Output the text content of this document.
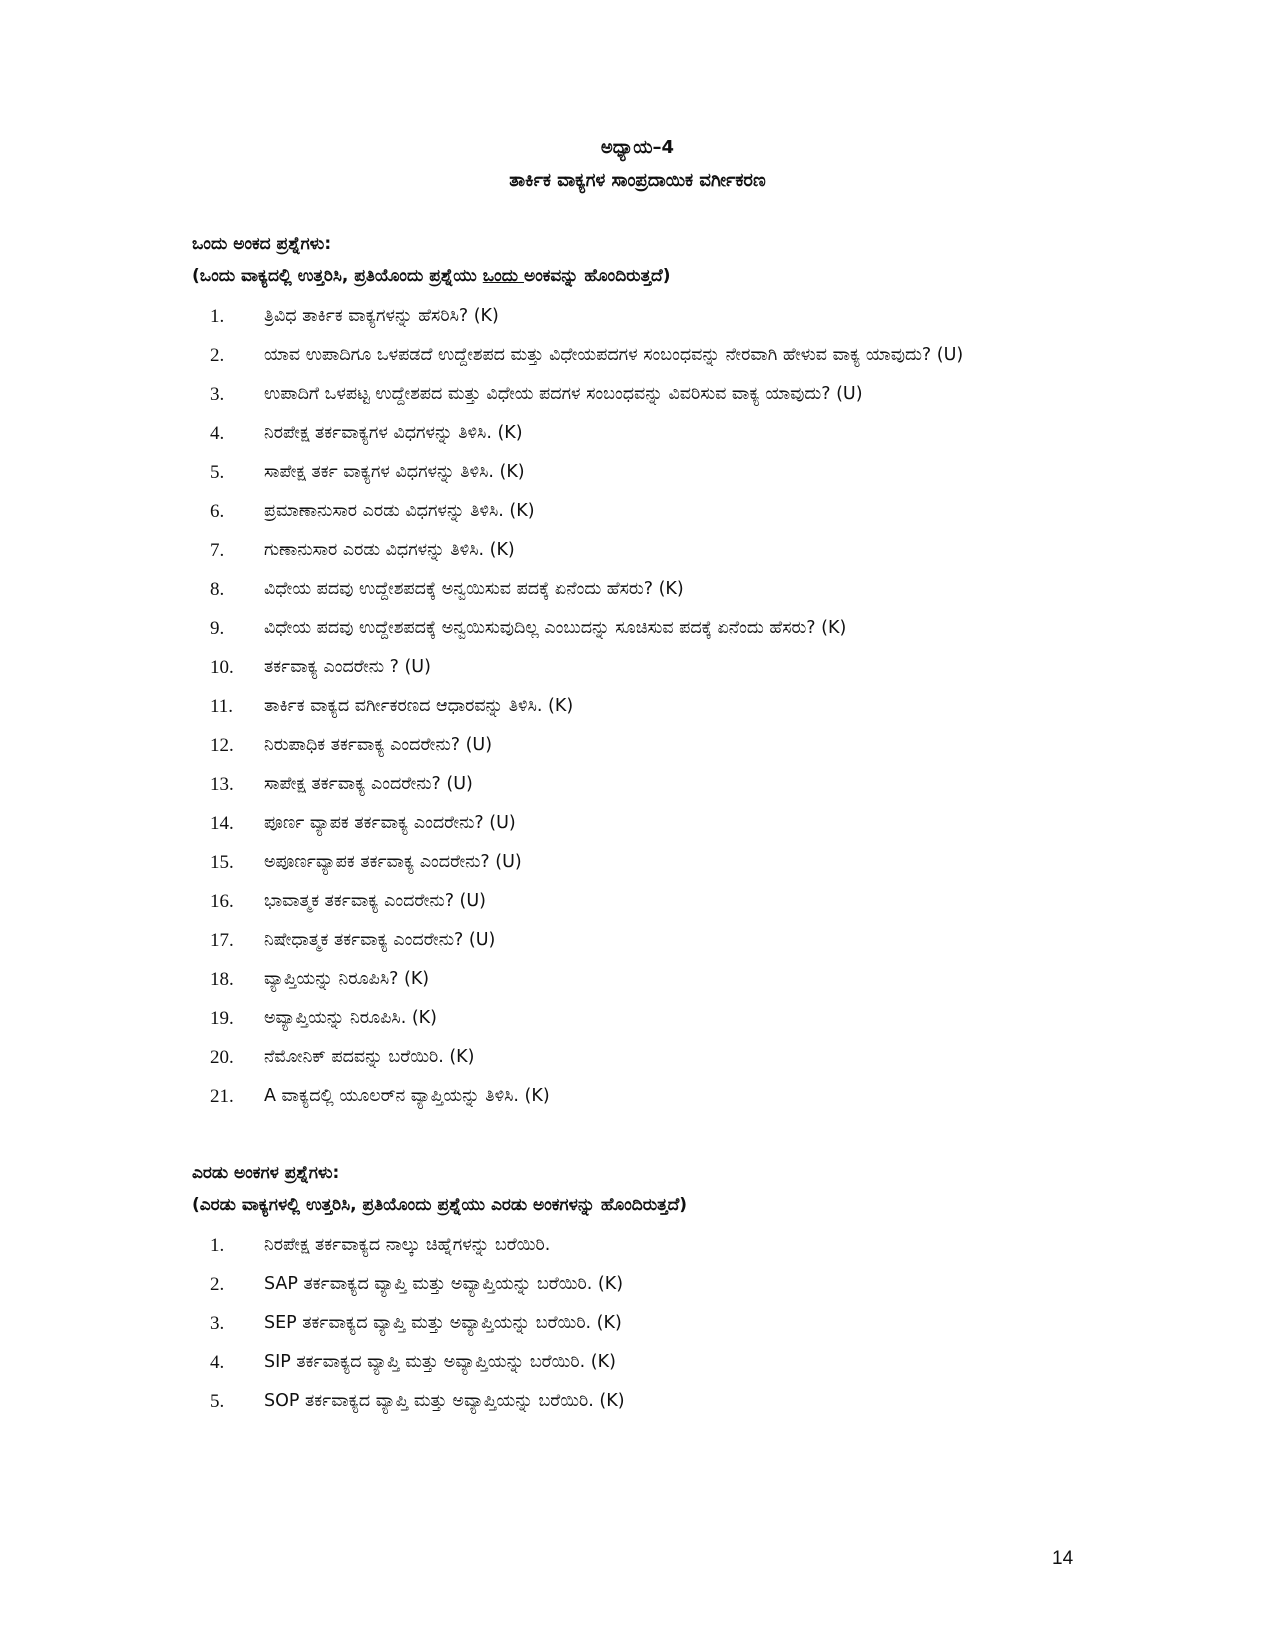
ಅಧ್ಯಾಯ–4
ತಾರ್ಕಿಕ ವಾಕ್ಯಗಳ ಸಾಂಪ್ರದಾಯಿಕ ವರ್ಗೀಕರಣ

ಒಂದು ಅಂಕದ ಪ್ರಶ್ನೆಗಳು:

(ಒಂದು ವಾಕ್ಯದಲ್ಲಿ ಉತ್ತರಿಸಿ, ಪ್ರತಿಯೊಂದು ಪ್ರಶ್ನೆಯು ಒಂದು ಅಂಕವನ್ನು ಹೊಂದಿರುತ್ತದೆ)

1.	ತ್ರಿವಿಧ ತಾರ್ಕಿಕ ವಾಕ್ಯಗಳನ್ನು ಹೆಸರಿಸಿ? (K)
2.	ಯಾವ ಉಪಾದಿಗೂ ಒಳಪಡದೆ ಉದ್ದೇಶಪದ ಮತ್ತು ವಿಧೇಯಪದಗಳ ಸಂಬಂಧವನ್ನು ನೇರವಾಗಿ ಹೇಳುವ ವಾಕ್ಯ ಯಾವುದು? (U)
3.	ಉಪಾದಿಗೆ ಒಳಪಟ್ಟ ಉದ್ದೇಶಪದ ಮತ್ತು ವಿಧೇಯ ಪದಗಳ ಸಂಬಂಧವನ್ನು ವಿವರಿಸುವ ವಾಕ್ಯ ಯಾವುದು? (U)
4.	ನಿರಪೇಕ್ಷ ತರ್ಕವಾಕ್ಯಗಳ ವಿಧಗಳನ್ನು ತಿಳಿಸಿ. (K)
5.	ಸಾಪೇಕ್ಷ ತರ್ಕ ವಾಕ್ಯಗಳ ವಿಧಗಳನ್ನು ತಿಳಿಸಿ. (K)
6.	ಪ್ರಮಾಣಾನುಸಾರ ಎರಡು ವಿಧಗಳನ್ನು ತಿಳಿಸಿ. (K)
7.	ಗುಣಾನುಸಾರ ಎರಡು ವಿಧಗಳನ್ನು ತಿಳಿಸಿ. (K)
8.	ವಿಧೇಯ ಪದವು ಉದ್ದೇಶಪದಕ್ಕೆ ಅನ್ವಯಿಸುವ ಪದಕ್ಕೆ ಏನೆಂದು ಹೆಸರು? (K)
9.	ವಿಧೇಯ ಪದವು ಉದ್ದೇಶಪದಕ್ಕೆ ಅನ್ವಯಿಸುವುದಿಲ್ಲ ಎಂಬುದನ್ನು ಸೂಚಿಸುವ ಪದಕ್ಕೆ ಏನೆಂದು ಹೆಸರು? (K)
10.	ತರ್ಕವಾಕ್ಯ ಎಂದರೇನು ? (U)
11.	ತಾರ್ಕಿಕ ವಾಕ್ಯದ ವರ್ಗೀಕರಣದ ಆಧಾರವನ್ನು ತಿಳಿಸಿ. (K)
12.	ನಿರುಪಾಧಿಕ ತರ್ಕವಾಕ್ಯ ಎಂದರೇನು? (U)
13.	ಸಾಪೇಕ್ಷ ತರ್ಕವಾಕ್ಯ ಎಂದರೇನು? (U)
14.	ಪೂರ್ಣ ವ್ಯಾಪಕ ತರ್ಕವಾಕ್ಯ ಎಂದರೇನು? (U)
15.	ಅಪೂರ್ಣವ್ಯಾಪಕ ತರ್ಕವಾಕ್ಯ ಎಂದರೇನು? (U)
16.	ಭಾವಾತ್ಮಕ ತರ್ಕವಾಕ್ಯ ಎಂದರೇನು? (U)
17.	ನಿಷೇಧಾತ್ಮಕ ತರ್ಕವಾಕ್ಯ ಎಂದರೇನು? (U)
18.	ವ್ಯಾಪ್ತಿಯನ್ನು ನಿರೂಪಿಸಿ? (K)
19.	ಅವ್ಯಾಪ್ತಿಯನ್ನು ನಿರೂಪಿಸಿ. (K)
20.	ನೆಮೋನಿಕ್ ಪದವನ್ನು ಬರೆಯಿರಿ. (K)
21.	A ವಾಕ್ಯದಲ್ಲಿ ಯೂಲರ್‌ನ ವ್ಯಾಪ್ತಿಯನ್ನು ತಿಳಿಸಿ. (K)

ಎರಡು ಅಂಕಗಳ ಪ್ರಶ್ನೆಗಳು:

(ಎರಡು ವಾಕ್ಯಗಳಲ್ಲಿ ಉತ್ತರಿಸಿ, ಪ್ರತಿಯೊಂದು ಪ್ರಶ್ನೆಯು ಎರಡು ಅಂಕಗಳನ್ನು ಹೊಂದಿರುತ್ತದೆ)

1.	ನಿರಪೇಕ್ಷ ತರ್ಕವಾಕ್ಯದ ನಾಲ್ಕು ಚಿಹ್ನೆಗಳನ್ನು ಬರೆಯಿರಿ.
2.	SAP ತರ್ಕವಾಕ್ಯದ ವ್ಯಾಪ್ತಿ ಮತ್ತು ಅವ್ಯಾಪ್ತಿಯನ್ನು ಬರೆಯಿರಿ. (K)
3.	SEP ತರ್ಕವಾಕ್ಯದ ವ್ಯಾಪ್ತಿ ಮತ್ತು ಅವ್ಯಾಪ್ತಿಯನ್ನು ಬರೆಯಿರಿ. (K)
4.	SIP ತರ್ಕವಾಕ್ಯದ ವ್ಯಾಪ್ತಿ ಮತ್ತು ಅವ್ಯಾಪ್ತಿಯನ್ನು ಬರೆಯಿರಿ. (K)
5.	SOP ತರ್ಕವಾಕ್ಯದ ವ್ಯಾಪ್ತಿ ಮತ್ತು ಅವ್ಯಾಪ್ತಿಯನ್ನು ಬರೆಯಿರಿ. (K)
14
